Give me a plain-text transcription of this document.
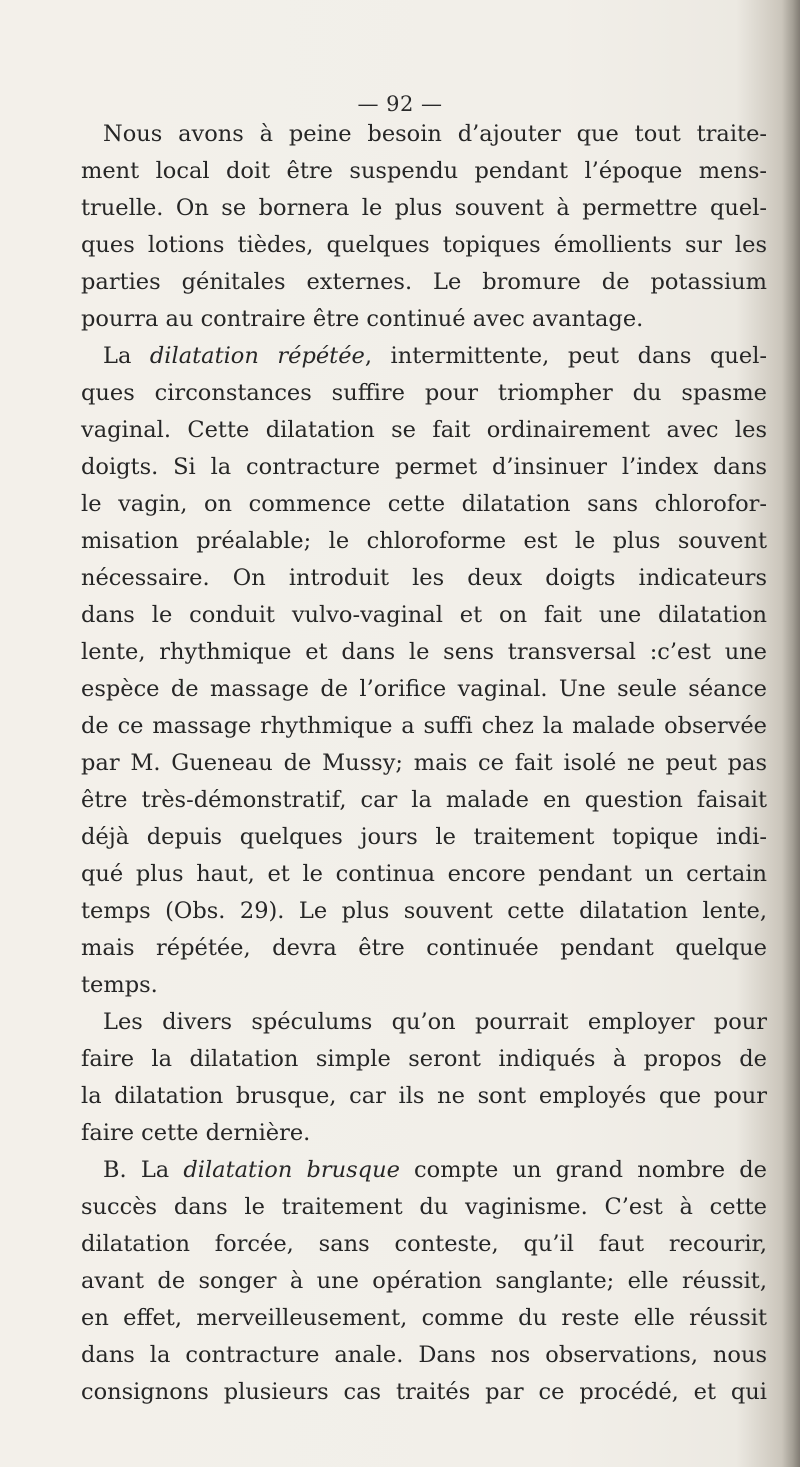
— 92 —
Nous avons à peine besoin d’ajouter que tout traite-
ment local doit être suspendu pendant l’époque mens-
truelle. On se bornera le plus souvent à permettre quel-
ques lotions tièdes, quelques topiques émollients sur les
parties génitales externes. Le bromure de potassium
pourra au contraire être continué avec avantage.
La dilatation répétée, intermittente, peut dans quel-
ques circonstances suffire pour triompher du spasme
vaginal. Cette dilatation se fait ordinairement avec les
doigts. Si la contracture permet d’insinuer l’index dans
le vagin, on commence cette dilatation sans chlorofor-
misation préalable; le chloroforme est le plus souvent
nécessaire. On introduit les deux doigts indicateurs
dans le conduit vulvo-vaginal et on fait une dilatation
lente, rhythmique et dans le sens transversal :c’est une
espèce de massage de l’orifice vaginal. Une seule séance
de ce massage rhythmique a suffi chez la malade observée
par M. Gueneau de Mussy; mais ce fait isolé ne peut pas
être très-démonstratif, car la malade en question faisait
déjà depuis quelques jours le traitement topique indi-
qué plus haut, et le continua encore pendant un certain
temps (Obs. 29). Le plus souvent cette dilatation lente,
mais répétée, devra être continuée pendant quelque
temps.
Les divers spéculums qu’on pourrait employer pour
faire la dilatation simple seront indiqués à propos de
la dilatation brusque, car ils ne sont employés que pour
faire cette dernière.
B. La dilatation brusque compte un grand nombre de
succès dans le traitement du vaginisme. C’est à cette
dilatation forcée, sans conteste, qu’il faut recourir,
avant de songer à une opération sanglante; elle réussit,
en effet, merveilleusement, comme du reste elle réussit
dans la contracture anale. Dans nos observations, nous
consignons plusieurs cas traités par ce procédé, et qui
